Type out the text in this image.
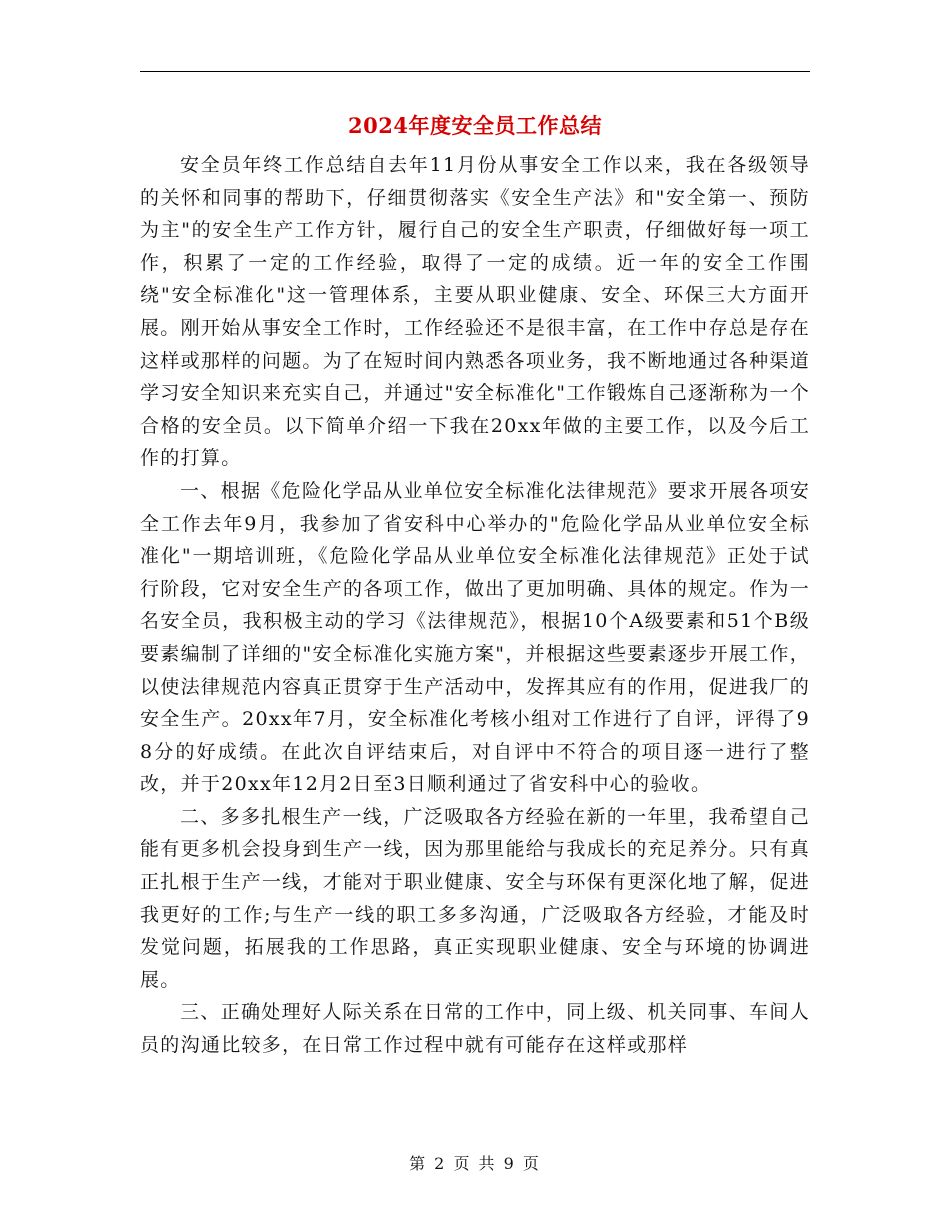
2024年度安全员工作总结

安全员年终工作总结自去年11月份从事安全工作以来，我在各级领导的关怀和同事的帮助下，仔细贯彻落实《安全生产法》和"安全第一、预防为主"的安全生产工作方针，履行自己的安全生产职责，仔细做好每一项工作，积累了一定的工作经验，取得了一定的成绩。近一年的安全工作围绕"安全标准化"这一管理体系，主要从职业健康、安全、环保三大方面开展。刚开始从事安全工作时，工作经验还不是很丰富，在工作中存总是存在这样或那样的问题。为了在短时间内熟悉各项业务，我不断地通过各种渠道学习安全知识来充实自己，并通过"安全标准化"工作锻炼自己逐渐称为一个合格的安全员。以下简单介绍一下我在20xx年做的主要工作，以及今后工作的打算。

一、根据《危险化学品从业单位安全标准化法律规范》要求开展各项安全工作去年9月，我参加了省安科中心举办的"危险化学品从业单位安全标准化"一期培训班，《危险化学品从业单位安全标准化法律规范》正处于试行阶段，它对安全生产的各项工作，做出了更加明确、具体的规定。作为一名安全员，我积极主动的学习《法律规范》，根据10个A级要素和51个B级要素编制了详细的"安全标准化实施方案"，并根据这些要素逐步开展工作，以使法律规范内容真正贯穿于生产活动中，发挥其应有的作用，促进我厂的安全生产。20xx年7月，安全标准化考核小组对工作进行了自评，评得了98分的好成绩。在此次自评结束后，对自评中不符合的项目逐一进行了整改，并于20xx年12月2日至3日顺利通过了省安科中心的验收。

二、多多扎根生产一线，广泛吸取各方经验在新的一年里，我希望自己能有更多机会投身到生产一线，因为那里能给与我成长的充足养分。只有真正扎根于生产一线，才能对于职业健康、安全与环保有更深化地了解，促进我更好的工作;与生产一线的职工多多沟通，广泛吸取各方经验，才能及时发觉问题，拓展我的工作思路，真正实现职业健康、安全与环境的协调进展。

三、正确处理好人际关系在日常的工作中，同上级、机关同事、车间人员的沟通比较多，在日常工作过程中就有可能存在这样或那样

第 2 页 共 9 页
